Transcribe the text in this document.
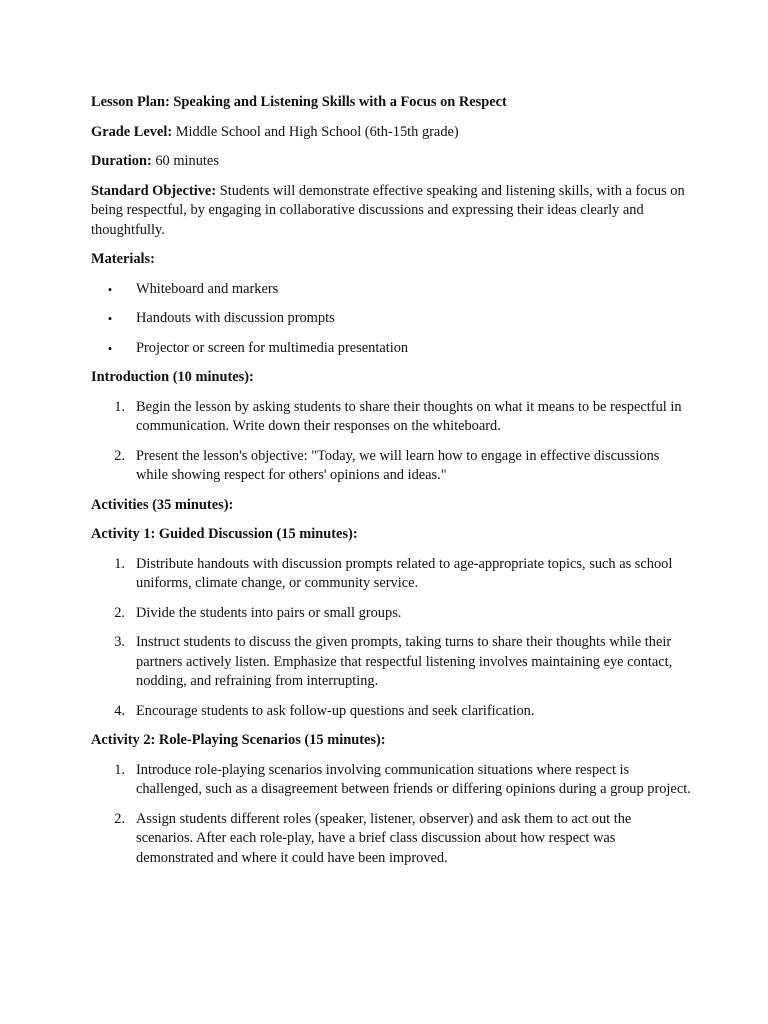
Lesson Plan: Speaking and Listening Skills with a Focus on Respect

Grade Level: Middle School and High School (6th-15th grade)

Duration: 60 minutes

Standard Objective: Students will demonstrate effective speaking and listening skills, with a focus on being respectful, by engaging in collaborative discussions and expressing their ideas clearly and thoughtfully.

Materials:

•	Whiteboard and markers
•	Handouts with discussion prompts
•	Projector or screen for multimedia presentation

Introduction (10 minutes):

1. Begin the lesson by asking students to share their thoughts on what it means to be respectful in communication. Write down their responses on the whiteboard.
2. Present the lesson's objective: "Today, we will learn how to engage in effective discussions while showing respect for others' opinions and ideas."

Activities (35 minutes):

Activity 1: Guided Discussion (15 minutes):

1. Distribute handouts with discussion prompts related to age-appropriate topics, such as school uniforms, climate change, or community service.
2. Divide the students into pairs or small groups.
3. Instruct students to discuss the given prompts, taking turns to share their thoughts while their partners actively listen. Emphasize that respectful listening involves maintaining eye contact, nodding, and refraining from interrupting.
4. Encourage students to ask follow-up questions and seek clarification.

Activity 2: Role-Playing Scenarios (15 minutes):

1. Introduce role-playing scenarios involving communication situations where respect is challenged, such as a disagreement between friends or differing opinions during a group project.
2. Assign students different roles (speaker, listener, observer) and ask them to act out the scenarios. After each role-play, have a brief class discussion about how respect was demonstrated and where it could have been improved.
